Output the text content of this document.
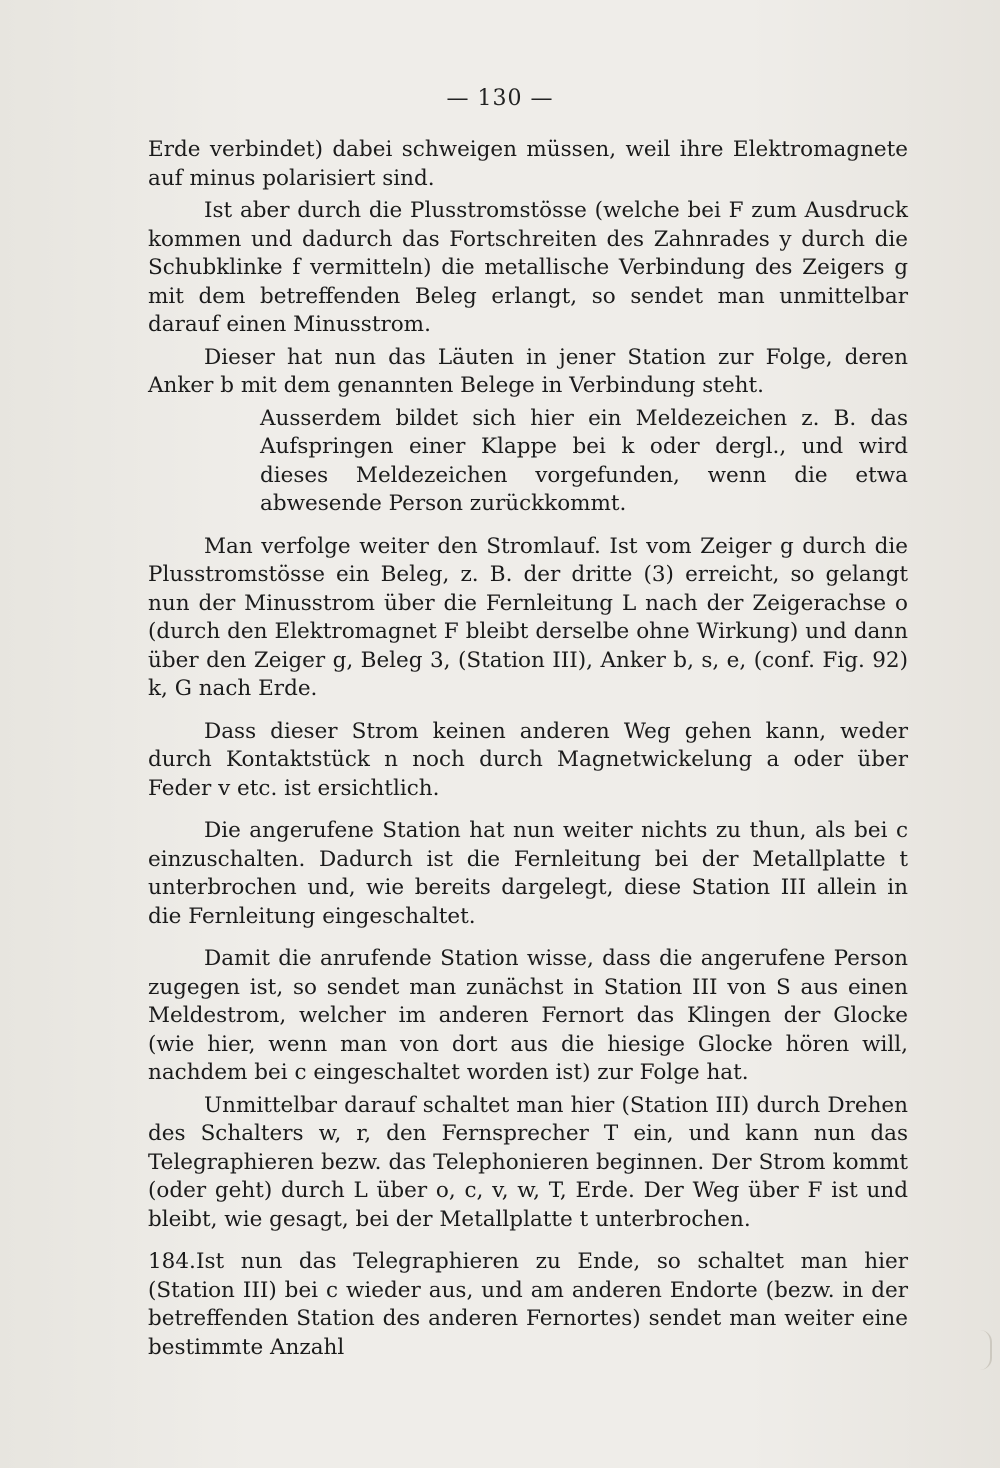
— 130 —

Erde verbindet) dabei schweigen müssen, weil ihre Elektromagnete auf minus polarisiert sind.

Ist aber durch die Plusstromstösse (welche bei F zum Ausdruck kommen und dadurch das Fortschreiten des Zahnrades y durch die Schubklinke f vermitteln) die metallische Verbindung des Zeigers g mit dem betreffenden Beleg erlangt, so sendet man unmittelbar darauf einen Minusstrom.

Dieser hat nun das Läuten in jener Station zur Folge, deren Anker b mit dem genannten Belege in Verbindung steht.

Ausserdem bildet sich hier ein Meldezeichen z. B. das Aufspringen einer Klappe bei k oder dergl., und wird dieses Meldezeichen vorgefunden, wenn die etwa abwesende Person zurückkommt.

Man verfolge weiter den Stromlauf. Ist vom Zeiger g durch die Plusstromstösse ein Beleg, z. B. der dritte (3) erreicht, so gelangt nun der Minusstrom über die Fernleitung L nach der Zeigerachse o (durch den Elektromagnet F bleibt derselbe ohne Wirkung) und dann über den Zeiger g, Beleg 3, (Station III), Anker b, s, e, (conf. Fig. 92) k, G nach Erde.

Dass dieser Strom keinen anderen Weg gehen kann, weder durch Kontaktstück n noch durch Magnetwickelung a oder über Feder v etc. ist ersichtlich.

Die angerufene Station hat nun weiter nichts zu thun, als bei c einzuschalten. Dadurch ist die Fernleitung bei der Metallplatte t unterbrochen und, wie bereits dargelegt, diese Station III allein in die Fernleitung eingeschaltet.

Damit die anrufende Station wisse, dass die angerufene Person zugegen ist, so sendet man zunächst in Station III von S aus einen Meldestrom, welcher im anderen Fernort das Klingen der Glocke (wie hier, wenn man von dort aus die hiesige Glocke hören will, nachdem bei c eingeschaltet worden ist) zur Folge hat.

Unmittelbar darauf schaltet man hier (Station III) durch Drehen des Schalters w, r, den Fernsprecher T ein, und kann nun das Telegraphieren bezw. das Telephonieren beginnen. Der Strom kommt (oder geht) durch L über o, c, v, w, T, Erde. Der Weg über F ist und bleibt, wie gesagt, bei der Metallplatte t unterbrochen.

184.Ist nun das Telegraphieren zu Ende, so schaltet man hier (Station III) bei c wieder aus, und am anderen Endorte (bezw. in der betreffenden Station des anderen Fernortes) sendet man weiter eine bestimmte Anzahl
